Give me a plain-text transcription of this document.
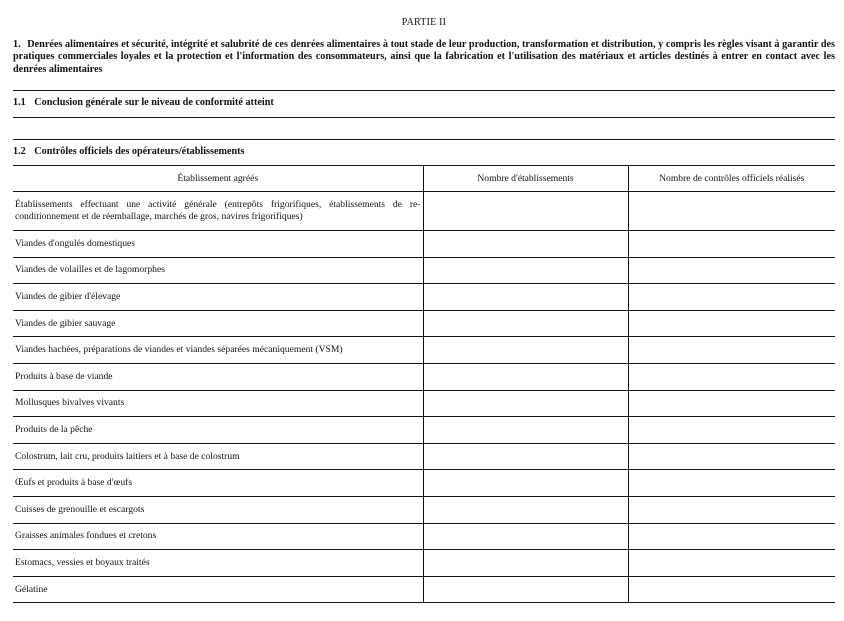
PARTIE II
1. Denrées alimentaires et sécurité, intégrité et salubrité de ces denrées alimentaires à tout stade de leur production, transformation et distribution, y compris les règles visant à garantir des pratiques commerciales loyales et la protection et l'information des consommateurs, ainsi que la fabrication et l'utilisation des matériaux et articles destinés à entrer en contact avec les denrées alimentaires
1.1 Conclusion générale sur le niveau de conformité atteint
1.2 Contrôles officiels des opérateurs/établissements
Établissement agréés	Nombre d'établissements	Nombre de contrôles officiels réalisés
Établissements effectuant une activité générale (entrepôts frigorifiques, établissements de re-conditionnement et de réemballage, marchés de gros, navires frigorifiques)		
Viandes d'ongulés domestiques		
Viandes de volailles et de lagomorphes		
Viandes de gibier d'élevage		
Viandes de gibier sauvage		
Viandes hachées, préparations de viandes et viandes séparées mécaniquement (VSM)		
Produits à base de viande		
Mollusques bivalves vivants		
Produits de la pêche		
Colostrum, lait cru, produits laitiers et à base de colostrum		
Œufs et produits à base d'œufs		
Cuisses de grenouille et escargots		
Graisses animales fondues et cretons		
Estomacs, vessies et boyaux traités		
Gélatine		
